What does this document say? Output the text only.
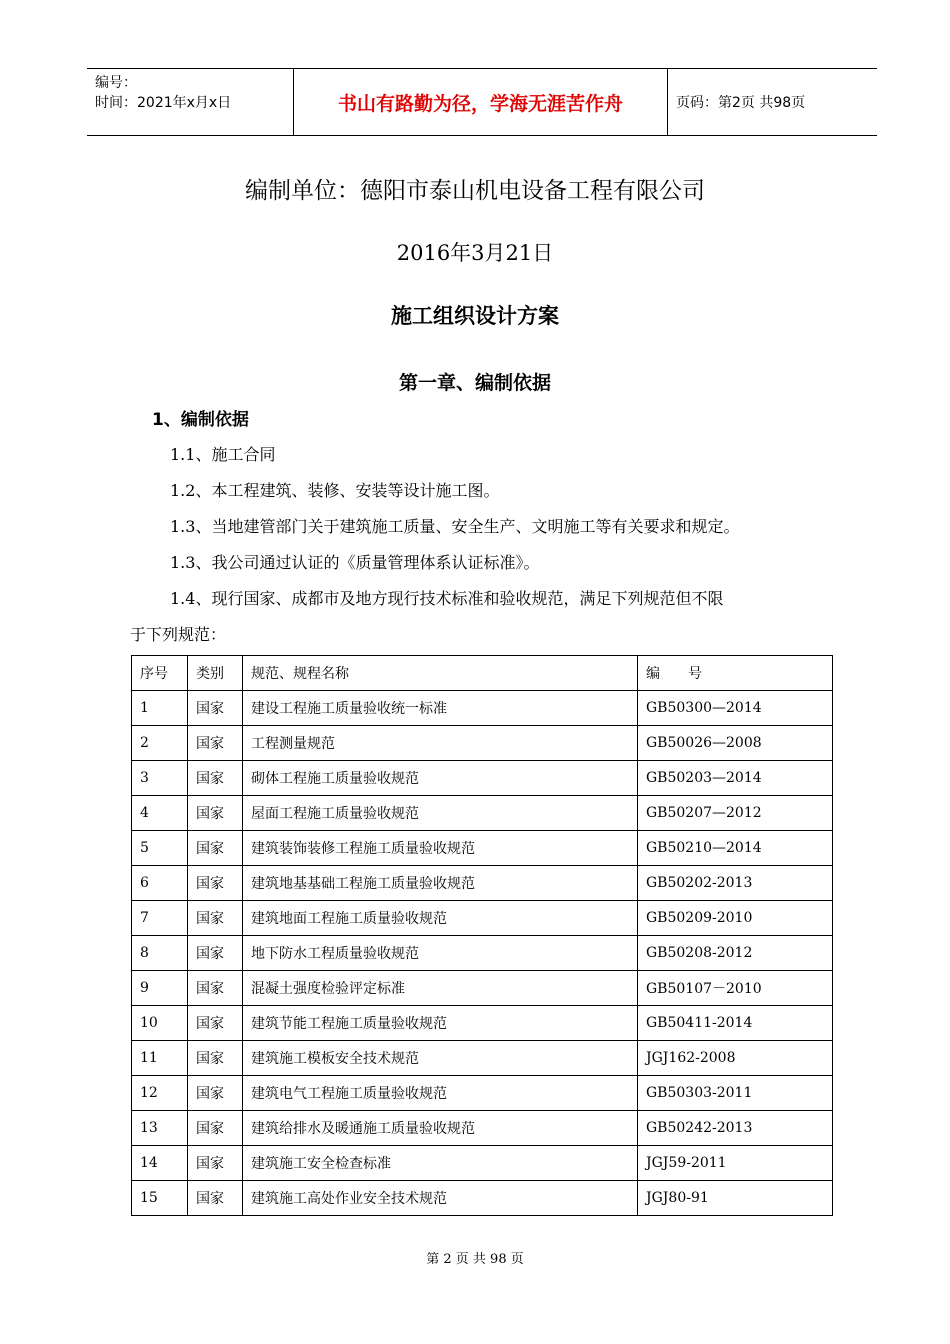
编号：
时间：2021年x月x日	书山有路勤为径，学海无涯苦作舟	页码：第2页 共98页
编制单位：德阳市泰山机电设备工程有限公司
2016年3月21日
施工组织设计方案
第一章、编制依据
1、编制依据
1.1、施工合同
1.2、本工程建筑、装修、安装等设计施工图。
1.3、当地建管部门关于建筑施工质量、安全生产、文明施工等有关要求和规定。
1.3、我公司通过认证的《质量管理体系认证标准》。
1.4、现行国家、成都市及地方现行技术标准和验收规范，满足下列规范但不限
于下列规范：
序号	类别	规范、规程名称	编　　号
1	国家	建设工程施工质量验收统一标准	GB50300—2014
2	国家	工程测量规范	GB50026—2008
3	国家	砌体工程施工质量验收规范	GB50203—2014
4	国家	屋面工程施工质量验收规范	GB50207—2012
5	国家	建筑装饰装修工程施工质量验收规范	GB50210—2014
6	国家	建筑地基基础工程施工质量验收规范	GB50202-2013
7	国家	建筑地面工程施工质量验收规范	GB50209-2010
8	国家	地下防水工程质量验收规范	GB50208-2012
9	国家	混凝土强度检验评定标准	GB50107－2010
10	国家	建筑节能工程施工质量验收规范	GB50411-2014
11	国家	建筑施工模板安全技术规范	JGJ162-2008
12	国家	建筑电气工程施工质量验收规范	GB50303-2011
13	国家	建筑给排水及暖通施工质量验收规范	GB50242-2013
14	国家	建筑施工安全检查标准	JGJ59-2011
15	国家	建筑施工高处作业安全技术规范	JGJ80-91
第 2 页 共 98 页
